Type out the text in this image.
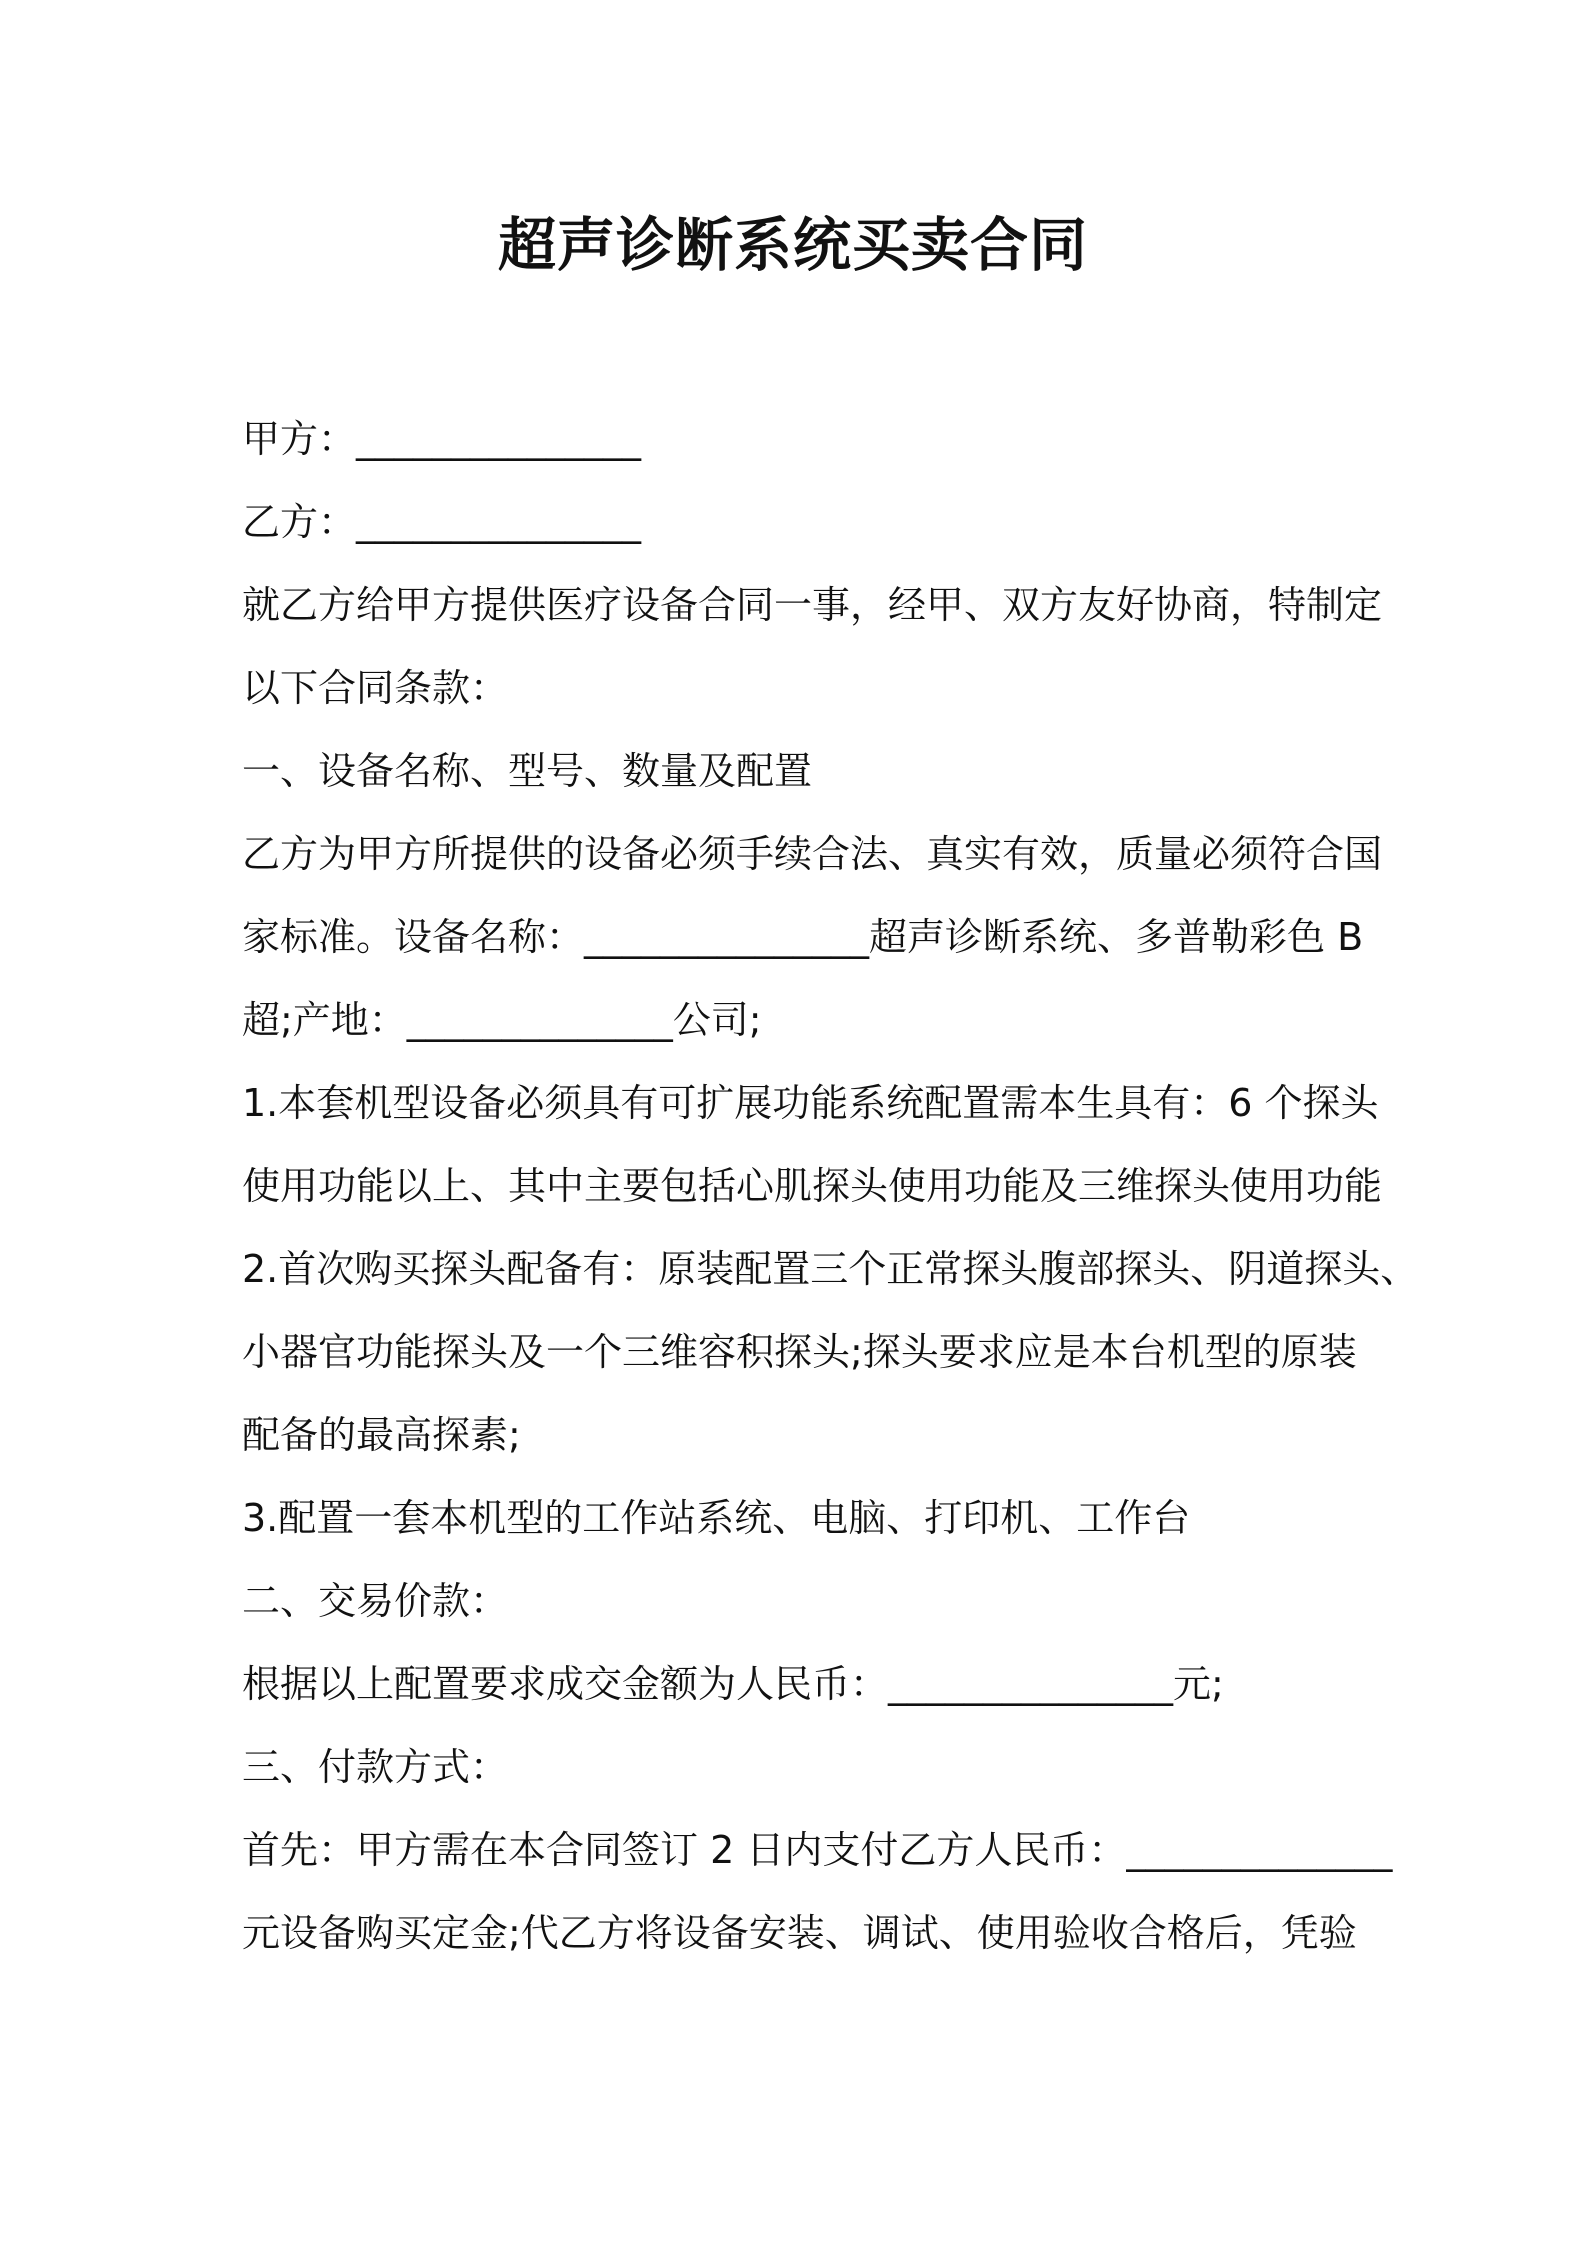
超声诊断系统买卖合同
甲方：_______________
乙方：_______________
就乙方给甲方提供医疗设备合同一事，经甲、双方友好协商，特制定
以下合同条款：
一、设备名称、型号、数量及配置
乙方为甲方所提供的设备必须手续合法、真实有效，质量必须符合国
家标准。设备名称：_______________超声诊断系统、多普勒彩色 B
超;产地：______________公司;
1.本套机型设备必须具有可扩展功能系统配置需本生具有：6 个探头
使用功能以上、其中主要包括心肌探头使用功能及三维探头使用功能
2.首次购买探头配备有：原装配置三个正常探头腹部探头、阴道探头、
小器官功能探头及一个三维容积探头;探头要求应是本台机型的原装
配备的最高探素;
3.配置一套本机型的工作站系统、电脑、打印机、工作台
二、交易价款：
根据以上配置要求成交金额为人民币：_______________元;
三、付款方式：
首先：甲方需在本合同签订 2 日内支付乙方人民币：______________
元设备购买定金;代乙方将设备安装、调试、使用验收合格后，凭验
